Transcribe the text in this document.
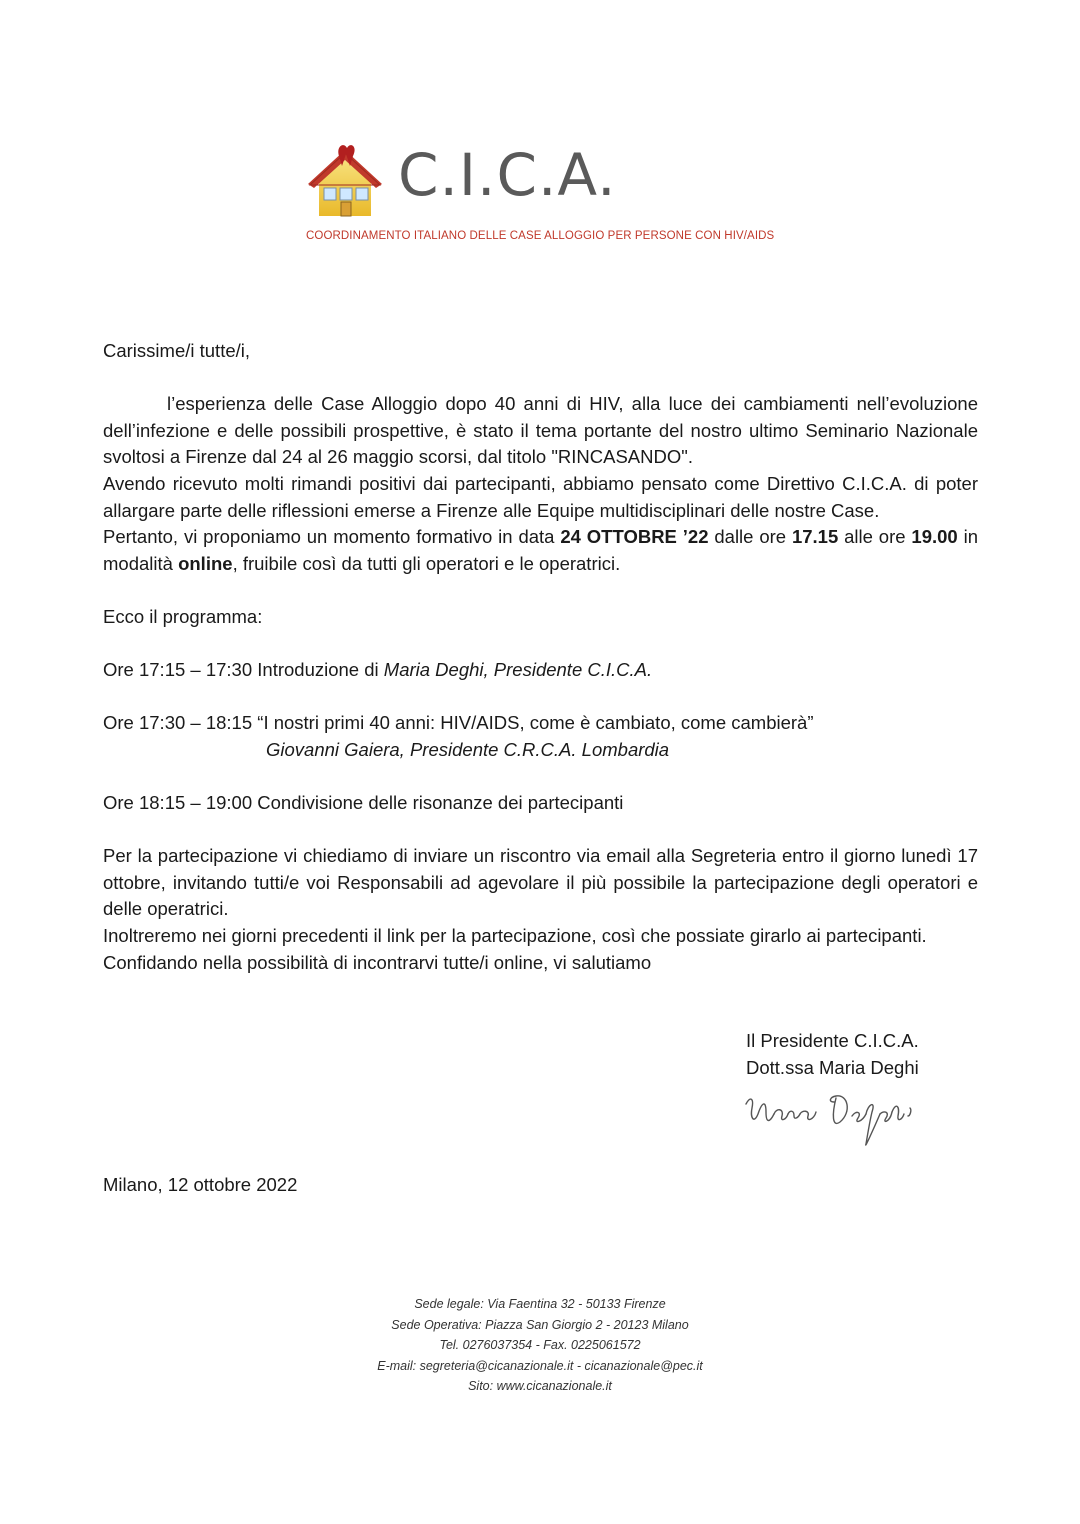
C.I.C.A.
COORDINAMENTO ITALIANO DELLE CASE ALLOGGIO PER PERSONE CON HIV/AIDS

Carissime/i tutte/i,

l’esperienza delle Case Alloggio dopo 40 anni di HIV, alla luce dei cambiamenti nell’evoluzione dell’infezione e delle possibili prospettive, è stato il tema portante del nostro ultimo Seminario Nazionale svoltosi a Firenze dal 24 al 26 maggio scorsi, dal titolo "RINCASANDO".

Avendo ricevuto molti rimandi positivi dai partecipanti, abbiamo pensato come Direttivo C.I.C.A. di poter allargare parte delle riflessioni emerse a Firenze alle Equipe multidisciplinari delle nostre Case.

Pertanto, vi proponiamo un momento formativo in data 24 OTTOBRE ’22 dalle ore 17.15 alle ore 19.00 in modalità online, fruibile così da tutti gli operatori e le operatrici.

Ecco il programma:

Ore 17:15 – 17:30 Introduzione di Maria Deghi, Presidente C.I.C.A.

Ore 17:30 – 18:15 “I nostri primi 40 anni: HIV/AIDS, come è cambiato, come cambierà”

Giovanni Gaiera, Presidente C.R.C.A. Lombardia

Ore 18:15 – 19:00 Condivisione delle risonanze dei partecipanti

Per la partecipazione vi chiediamo di inviare un riscontro via email alla Segreteria entro il giorno lunedì 17 ottobre, invitando tutti/e voi Responsabili ad agevolare il più possibile la partecipazione degli operatori e delle operatrici.

Inoltreremo nei giorni precedenti il link per la partecipazione, così che possiate girarlo ai partecipanti.

Confidando nella possibilità di incontrarvi tutte/i online, vi salutiamo

Il Presidente C.I.C.A.

Dott.ssa Maria Deghi

Milano, 12 ottobre 2022

Sede legale: Via Faentina 32 - 50133 Firenze

Sede Operativa: Piazza San Giorgio 2 - 20123 Milano

Tel. 0276037354 - Fax. 0225061572

E-mail: segreteria@cicanazionale.it - cicanazionale@pec.it

Sito: www.cicanazionale.it
